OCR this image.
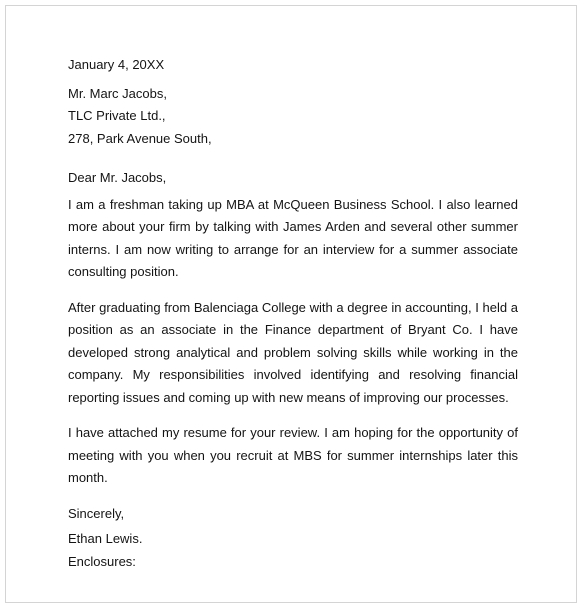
January 4, 20XX
Mr. Marc Jacobs,
TLC Private Ltd.,
278, Park Avenue South,
Dear Mr. Jacobs,

I am a freshman taking up MBA at McQueen Business School. I also learned more about your firm by talking with James Arden and several other summer interns. I am now writing to arrange for an interview for a summer associate consulting position.

After graduating from Balenciaga College with a degree in accounting, I held a position as an associate in the Finance department of Bryant Co. I have developed strong analytical and problem solving skills while working in the company. My responsibilities involved identifying and resolving financial reporting issues and coming up with new means of improving our processes.

I have attached my resume for your review. I am hoping for the opportunity of meeting with you when you recruit at MBS for summer internships later this month.

Sincerely,
Ethan Lewis.
Enclosures:
